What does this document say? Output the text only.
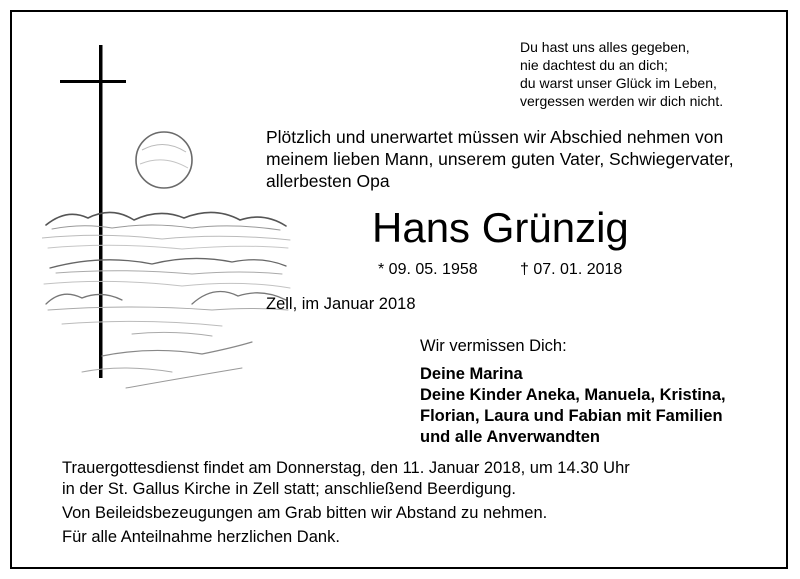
Du hast uns alles gegeben,
nie dachtest du an dich;
du warst unser Glück im Leben,
vergessen werden wir dich nicht.
Plötzlich und unerwartet müssen wir Abschied nehmen von
meinem lieben Mann, unserem guten Vater, Schwiegervater,
allerbesten Opa
Hans Grünzig
* 09. 05. 1958	† 07. 01. 2018
Zell, im Januar 2018
Wir vermissen Dich:
Deine Marina
Deine Kinder Aneka, Manuela, Kristina,
Florian, Laura und Fabian mit Familien
und alle Anverwandten
Trauergottesdienst findet am Donnerstag, den 11. Januar 2018, um 14.30 Uhr
in der St. Gallus Kirche in Zell statt; anschließend Beerdigung.
Von Beileidsbezeugungen am Grab bitten wir Abstand zu nehmen.
Für alle Anteilnahme herzlichen Dank.
